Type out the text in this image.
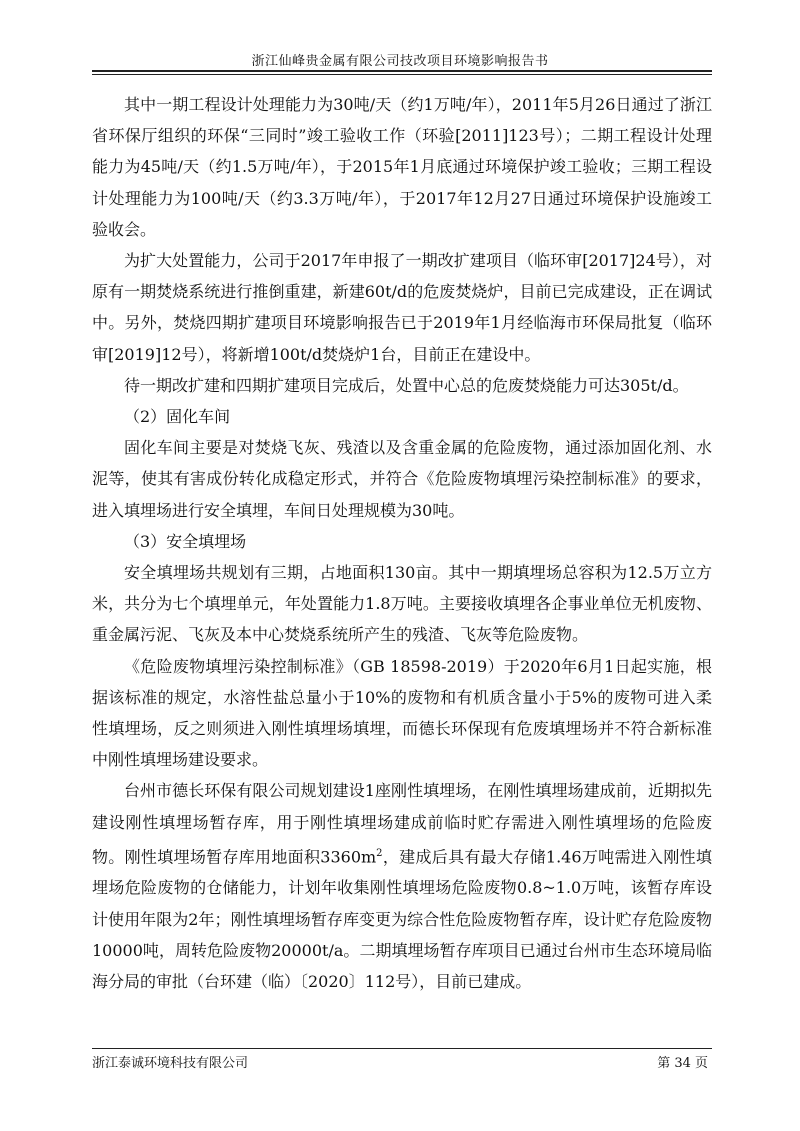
浙江仙峰贵金属有限公司技改项目环境影响报告书

其中一期工程设计处理能力为30吨/天（约1万吨/年），2011年5月26日通过了浙江省环保厅组织的环保“三同时”竣工验收工作（环验[2011]123号）；二期工程设计处理能力为45吨/天（约1.5万吨/年），于2015年1月底通过环境保护竣工验收；三期工程设计处理能力为100吨/天（约3.3万吨/年），于2017年12月27日通过环境保护设施竣工验收会。

为扩大处置能力，公司于2017年申报了一期改扩建项目（临环审[2017]24号），对原有一期焚烧系统进行推倒重建，新建60t/d的危废焚烧炉，目前已完成建设，正在调试中。另外，焚烧四期扩建项目环境影响报告已于2019年1月经临海市环保局批复（临环审[2019]12号），将新增100t/d焚烧炉1台，目前正在建设中。

待一期改扩建和四期扩建项目完成后，处置中心总的危废焚烧能力可达305t/d。

（2）固化车间

固化车间主要是对焚烧飞灰、残渣以及含重金属的危险废物，通过添加固化剂、水泥等，使其有害成份转化成稳定形式，并符合《危险废物填埋污染控制标准》的要求，进入填埋场进行安全填埋，车间日处理规模为30吨。

（3）安全填埋场

安全填埋场共规划有三期，占地面积130亩。其中一期填埋场总容积为12.5万立方米，共分为七个填埋单元，年处置能力1.8万吨。主要接收填埋各企事业单位无机废物、重金属污泥、飞灰及本中心焚烧系统所产生的残渣、飞灰等危险废物。

《危险废物填埋污染控制标准》（GB 18598-2019）于2020年6月1日起实施，根据该标准的规定，水溶性盐总量小于10%的废物和有机质含量小于5%的废物可进入柔性填埋场，反之则须进入刚性填埋场填埋，而德长环保现有危废填埋场并不符合新标准中刚性填埋场建设要求。

台州市德长环保有限公司规划建设1座刚性填埋场，在刚性填埋场建成前，近期拟先建设刚性填埋场暂存库，用于刚性填埋场建成前临时贮存需进入刚性填埋场的危险废物。刚性填埋场暂存库用地面积$3360m^2$，建成后具有最大存储1.46万吨需进入刚性填埋场危险废物的仓储能力，计划年收集刚性填埋场危险废物0.8~1.0万吨，该暂存库设计使用年限为2年；刚性填埋场暂存库变更为综合性危险废物暂存库，设计贮存危险废物10000吨，周转危险废物20000t/a。二期填埋场暂存库项目已通过台州市生态环境局临海分局的审批（台环建（临）〔2020〕112号），目前已建成。

浙江泰诚环境科技有限公司	第 34 页
